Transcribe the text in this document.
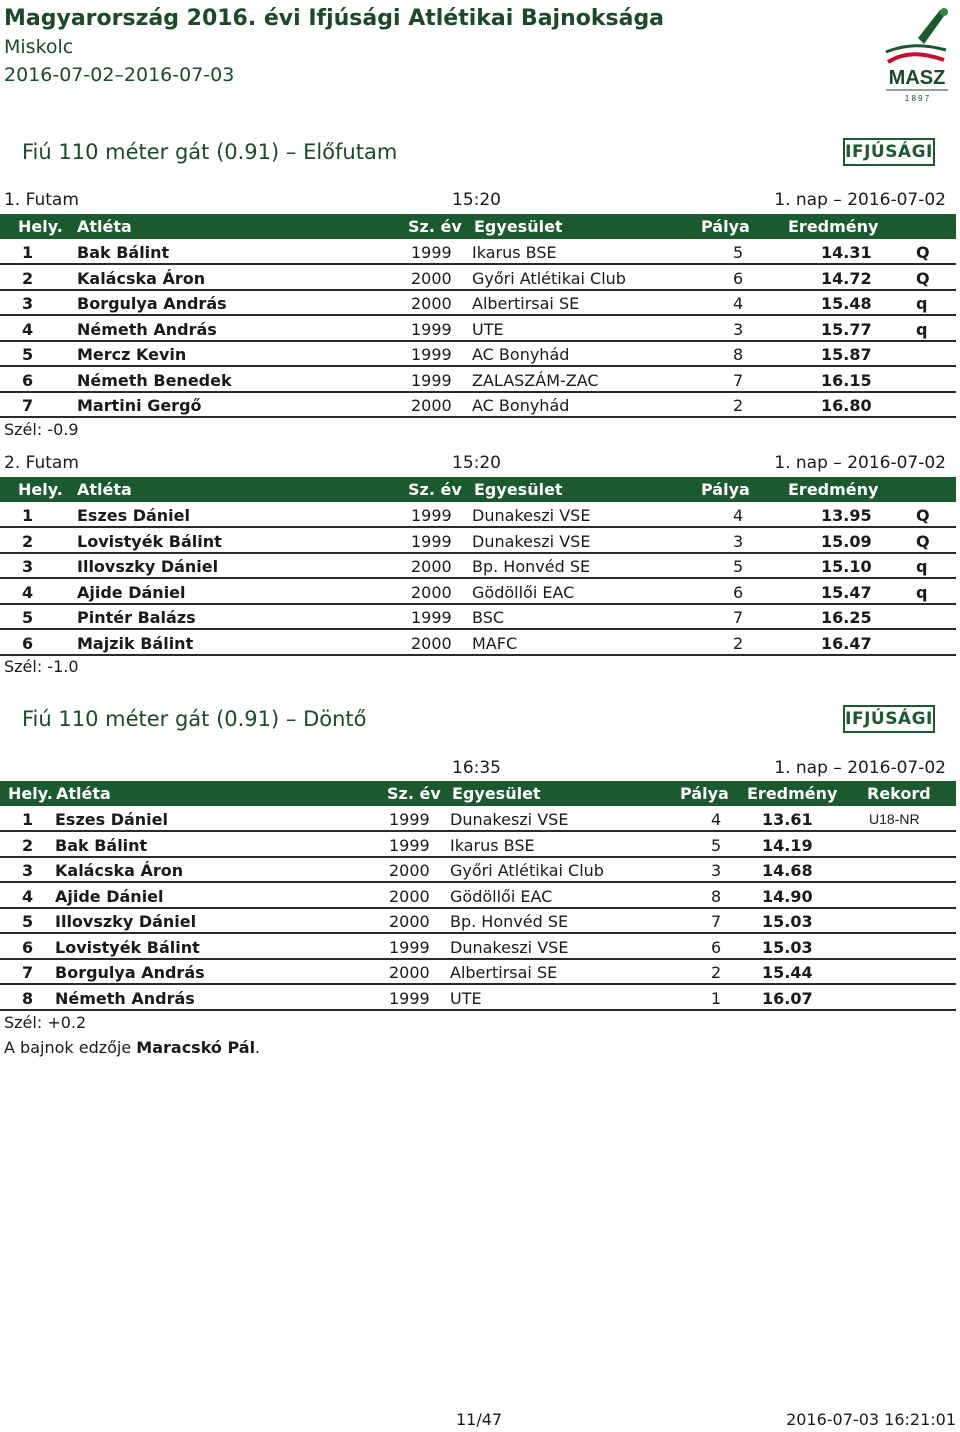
Magyarország 2016. évi Ifjúsági Atlétikai Bajnoksága
Miskolc
2016-07-02–2016-07-03	MASZ
1 8 9 7
Fiú 110 méter gát (0.91) – Előfutam	IFJÚSÁGI
1. Futam	15:20	1. nap – 2016-07-02
Hely. Atléta	Sz. év Egyesület	Pálya Eredmény
1	Bak Bálint	1999 Ikarus BSE	5	14.31	Q
2	Kalácska Áron	2000 Győri Atlétikai Club	6	14.72	Q
3	Borgulya András	2000 Albertirsai SE	4	15.48	q
4	Németh András	1999 UTE	3	15.77	q
5	Mercz Kevin	1999 AC Bonyhád	8	15.87
6	Németh Benedek	1999 ZALASZÁM-ZAC	7	16.15
7	Martini Gergő	2000 AC Bonyhád	2	16.80
Szél: -0.9
2. Futam	15:20	1. nap – 2016-07-02
Hely. Atléta	Sz. év Egyesület	Pálya Eredmény
1	Eszes Dániel	1999 Dunakeszi VSE	4	13.95	Q
2	Lovistyék Bálint	1999 Dunakeszi VSE	3	15.09	Q
3	Illovszky Dániel	2000 Bp. Honvéd SE	5	15.10	q
4	Ajide Dániel	2000 Gödöllői EAC	6	15.47	q
5	Pintér Balázs	1999 BSC	7	16.25
6	Majzik Bálint	2000 MAFC	2	16.47
Szél: -1.0
Fiú 110 méter gát (0.91) – Döntő	IFJÚSÁGI
16:35	1. nap – 2016-07-02
Hely. Atléta	Sz. év Egyesület	Pálya Eredmény Rekord
1 Eszes Dániel	1999 Dunakeszi VSE	4	13.61	U18-NR
2 Bak Bálint	1999 Ikarus BSE	5	14.19
3 Kalácska Áron	2000 Győri Atlétikai Club	3	14.68
4 Ajide Dániel	2000 Gödöllői EAC	8	14.90
5 Illovszky Dániel	2000 Bp. Honvéd SE	7	15.03
6 Lovistyék Bálint	1999 Dunakeszi VSE	6	15.03
7 Borgulya András	2000 Albertirsai SE	2	15.44
8 Németh András	1999 UTE	1	16.07
Szél: +0.2
A bajnok edzője Maracskó Pál.
11/47	2016-07-03 16:21:01
